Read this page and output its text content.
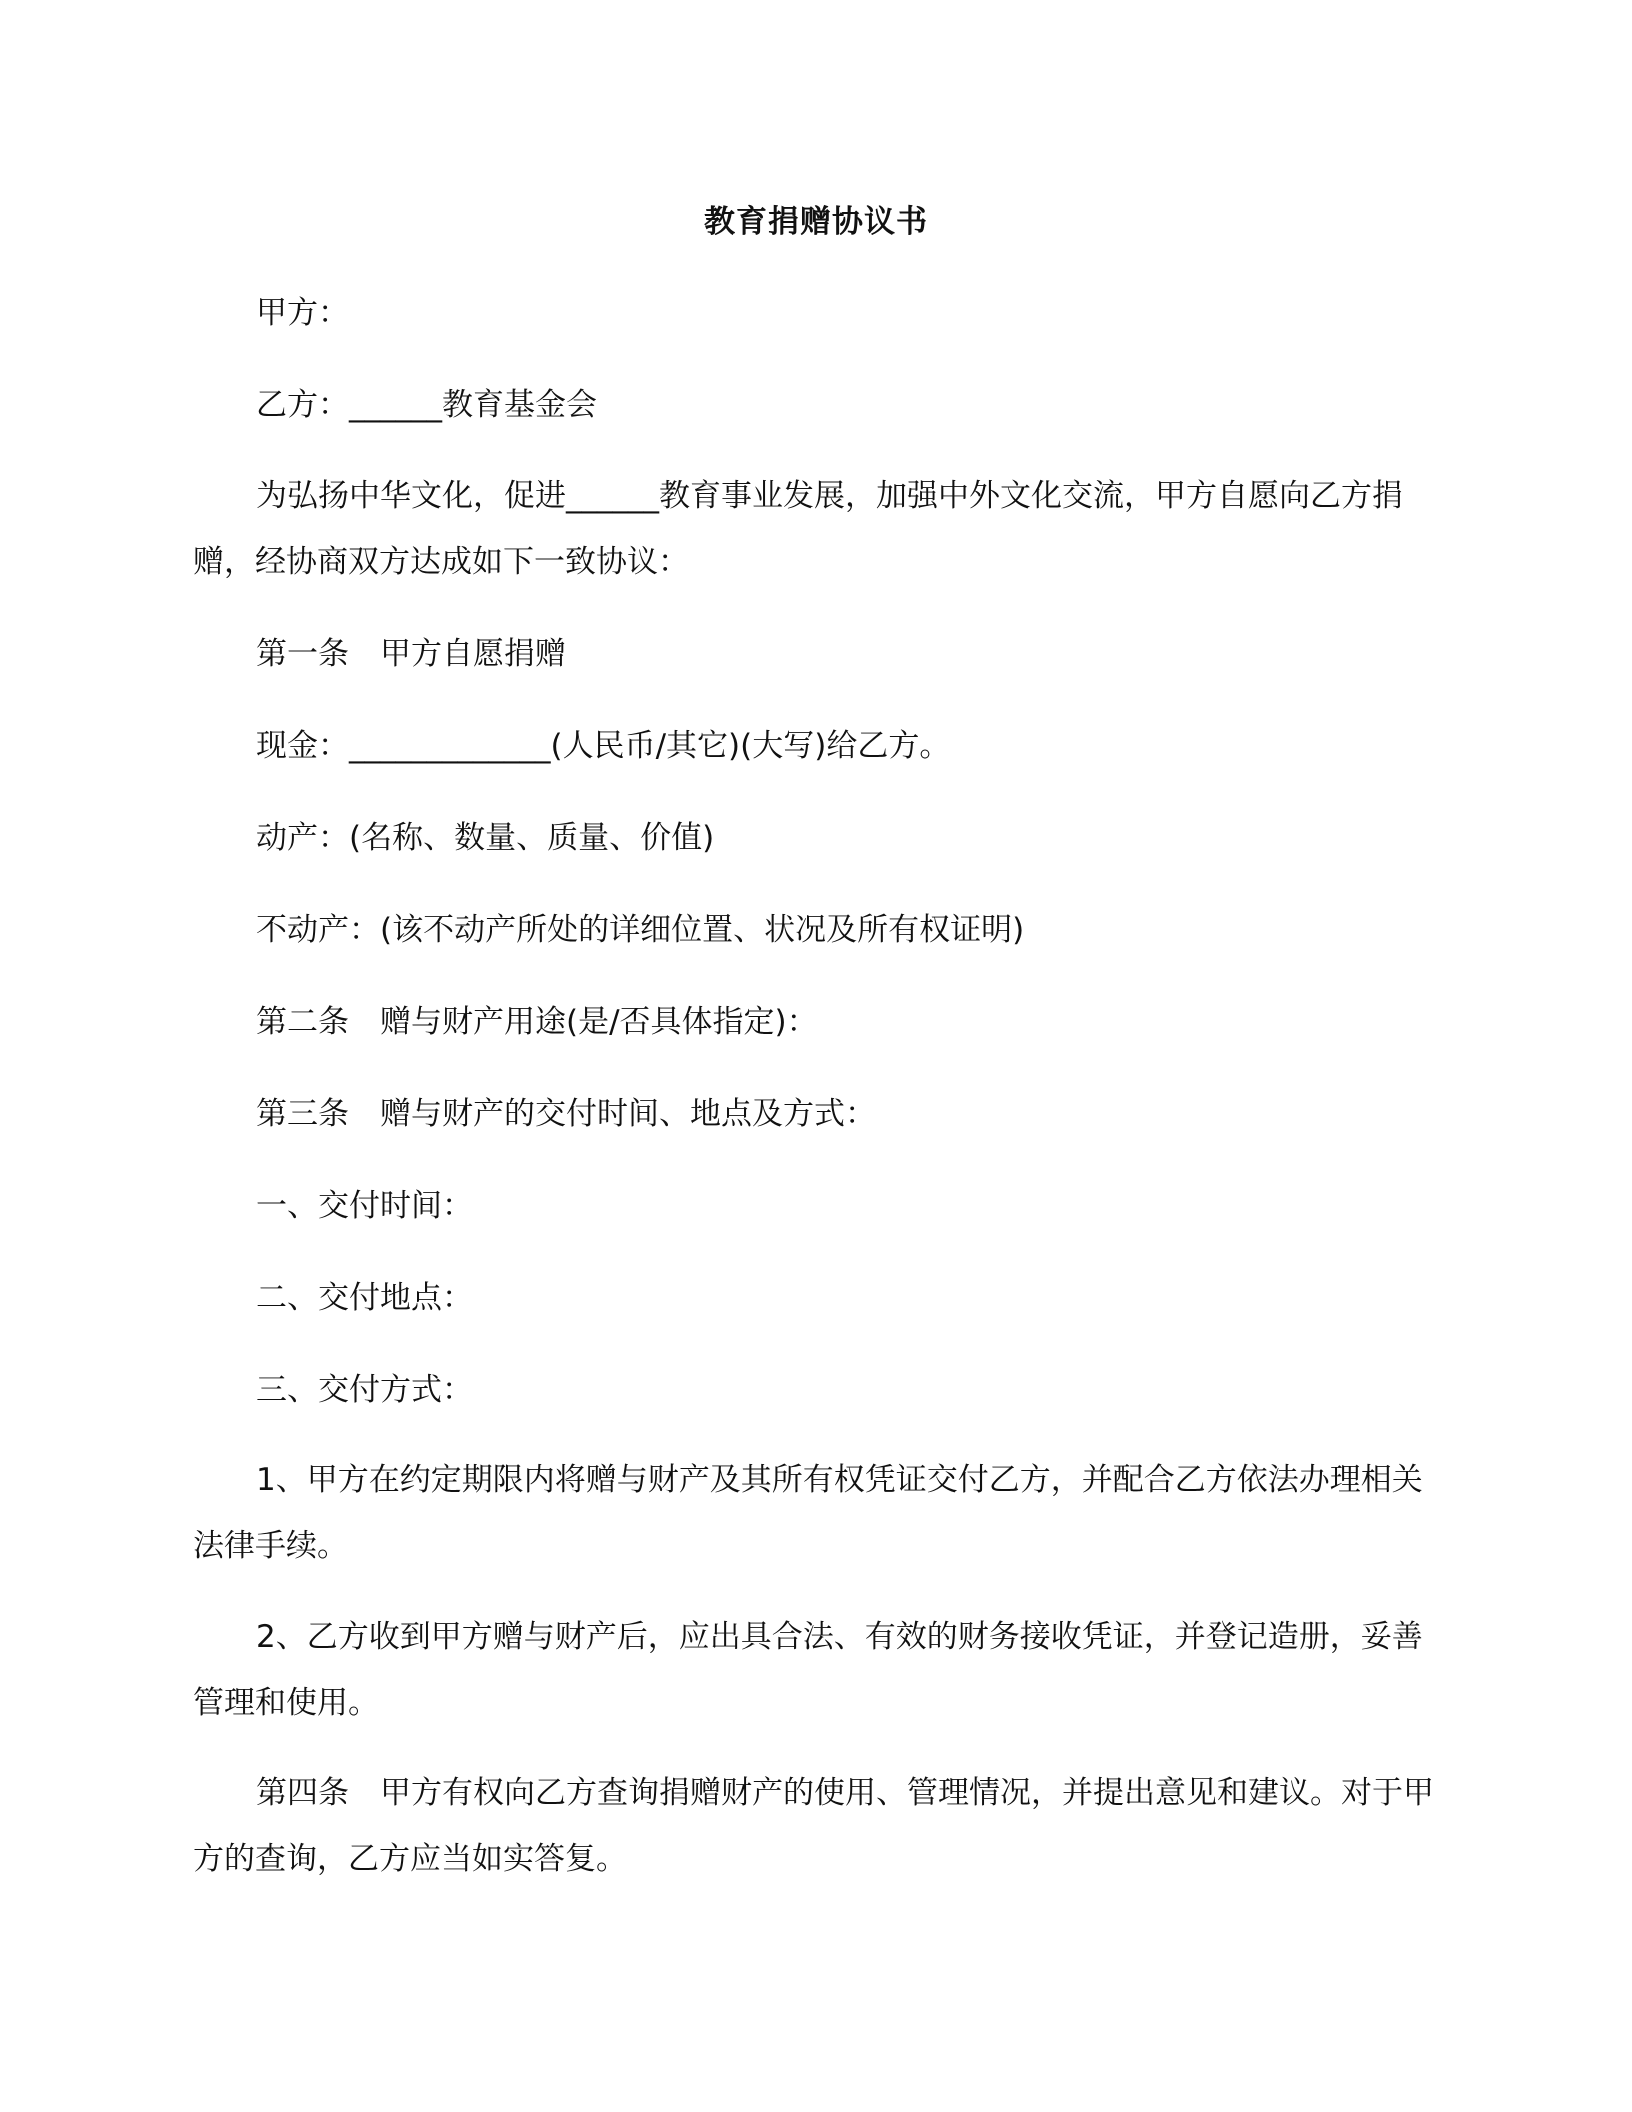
教育捐赠协议书
甲方：
乙方：______教育基金会
为弘扬中华文化，促进______教育事业发展，加强中外文化交流，甲方自愿向乙方捐赠，经协商双方达成如下一致协议：
第一条　甲方自愿捐赠
现金：_____________(人民币/其它)(大写)给乙方。
动产：(名称、数量、质量、价值)
不动产：(该不动产所处的详细位置、状况及所有权证明)
第二条　赠与财产用途(是/否具体指定)：
第三条　赠与财产的交付时间、地点及方式：
一、交付时间：
二、交付地点：
三、交付方式：
1、甲方在约定期限内将赠与财产及其所有权凭证交付乙方，并配合乙方依法办理相关法律手续。
2、乙方收到甲方赠与财产后，应出具合法、有效的财务接收凭证，并登记造册，妥善管理和使用。
第四条　甲方有权向乙方查询捐赠财产的使用、管理情况，并提出意见和建议。对于甲方的查询，乙方应当如实答复。
